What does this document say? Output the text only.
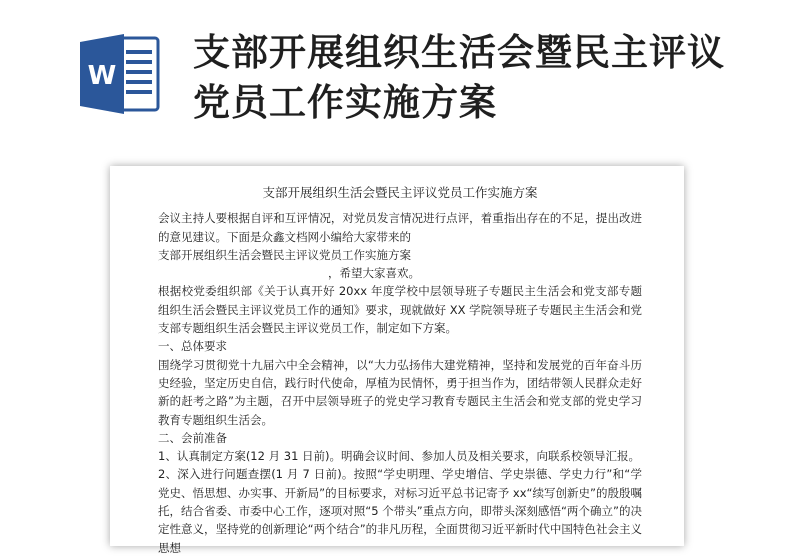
W
支部开展组织生活会暨民主评议
党员工作实施方案
支部开展组织生活会暨民主评议党员工作实施方案

会议主持人要根据自评和互评情况，对党员发言情况进行点评，着重指出存在的不足，提出改进的意见建议。下面是众鑫文档网小编给大家带来的

支部开展组织生活会暨民主评议党员工作实施方案

，希望大家喜欢。

根据校党委组织部《关于认真开好 20xx 年度学校中层领导班子专题民主生活会和党支部专题组织生活会暨民主评议党员工作的通知》要求，现就做好 XX 学院领导班子专题民主生活会和党支部专题组织生活会暨民主评议党员工作，制定如下方案。

一、总体要求

围绕学习贯彻党十九届六中全会精神，以“大力弘扬伟大建党精神，坚持和发展党的百年奋斗历史经验，坚定历史自信，践行时代使命，厚植为民情怀，勇于担当作为，团结带领人民群众走好新的赶考之路”为主题，召开中层领导班子的党史学习教育专题民主生活会和党支部的党史学习教育专题组织生活会。

二、会前准备

1、认真制定方案(12 月 31 日前)。明确会议时间、参加人员及相关要求，向联系校领导汇报。

2、深入进行问题查摆(1 月 7 日前)。按照“学史明理、学史增信、学史崇德、学史力行”和“学党史、悟思想、办实事、开新局”的目标要求，对标习近平总书记寄予 xx“续写创新史”的殷殷嘱托，结合省委、市委中心工作，逐项对照“5 个带头”重点方向，即带头深刻感悟“两个确立”的决定性意义，坚持党的创新理论“两个结合”的非凡历程，全面贯彻习近平新时代中国特色社会主义思想
